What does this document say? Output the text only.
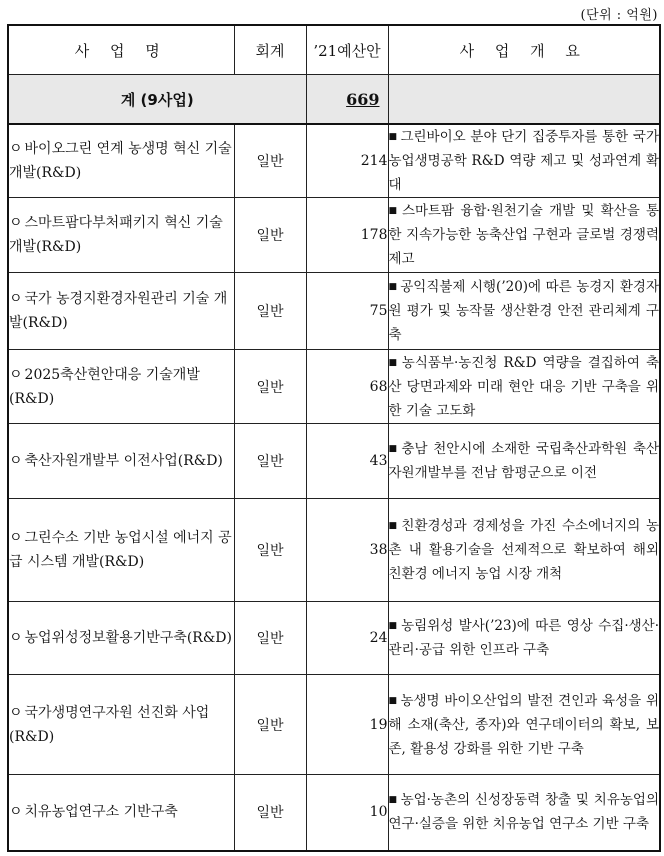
(단위 : 억원)
사 업 명	회계	’21예산안	사 업 개 요
계 (9사업)		669	
ㅇ 바이오그린 연계 농생명 혁신 기술개발(R&D)	일반	214	■ 그린바이오 분야 단기 집중투자를 통한 국가 농업생명공학 R&D 역량 제고 및 성과연계 확대
ㅇ 스마트팜다부처패키지 혁신 기술개발(R&D)	일반	178	■ 스마트팜 융합·원천기술 개발 및 확산을 통한 지속가능한 농축산업 구현과 글로벌 경쟁력 제고
ㅇ 국가 농경지환경자원관리 기술 개발(R&D)	일반	75	■ 공익직불제 시행(’20)에 따른 농경지 환경자원 평가 및 농작물 생산환경 안전 관리체계 구축
ㅇ 2025축산현안대응 기술개발(R&D)	일반	68	■ 농식품부·농진청 R&D 역량을 결집하여 축산 당면과제와 미래 현안 대응 기반 구축을 위한 기술 고도화
ㅇ 축산자원개발부 이전사업(R&D)	일반	43	■ 충남 천안시에 소재한 국립축산과학원 축산자원개발부를 전남 함평군으로 이전
ㅇ 그린수소 기반 농업시설 에너지 공급 시스템 개발(R&D)	일반	38	■ 친환경성과 경제성을 가진 수소에너지의 농촌 내 활용기술을 선제적으로 확보하여 해외 친환경 에너지 농업 시장 개척
ㅇ 농업위성정보활용기반구축(R&D)	일반	24	■ 농림위성 발사(’23)에 따른 영상 수집·생산·관리·공급 위한 인프라 구축
ㅇ 국가생명연구자원 선진화 사업(R&D)	일반	19	■ 농생명 바이오산업의 발전 견인과 육성을 위해 소재(축산, 종자)와 연구데이터의 확보, 보존, 활용성 강화를 위한 기반 구축
ㅇ 치유농업연구소 기반구축	일반	10	■ 농업·농촌의 신성장동력 창출 및 치유농업의 연구·실증을 위한 치유농업 연구소 기반 구축
